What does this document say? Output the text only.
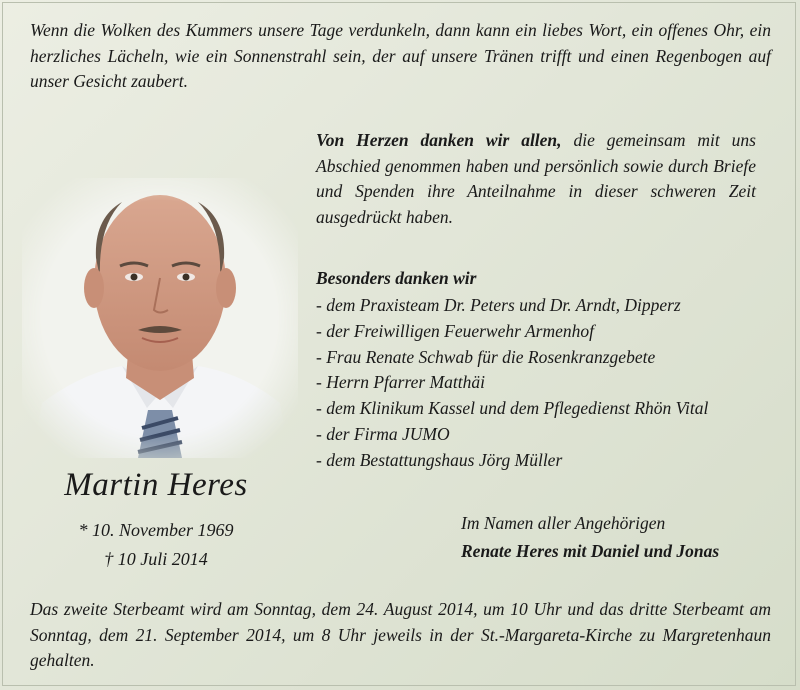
Wenn die Wolken des Kummers unsere Tage verdunkeln, dann kann ein liebes Wort, ein offenes Ohr, ein herzliches Lächeln, wie ein Sonnenstrahl sein, der auf unsere Tränen trifft und einen Regenbogen auf unser Gesicht zaubert.
Von Herzen danken wir allen, die gemeinsam mit uns Abschied genommen haben und persönlich sowie durch Briefe und Spenden ihre Anteilnahme in dieser schweren Zeit ausgedrückt haben.
Besonders danken wir
- dem Praxisteam Dr. Peters und Dr. Arndt, Dipperz
- der Freiwilligen Feuerwehr Armenhof
- Frau Renate Schwab für die Rosenkranzgebete
- Herrn Pfarrer Matthäi
- dem Klinikum Kassel und dem Pflegedienst Rhön Vital
- der Firma JUMO
- dem Bestattungshaus Jörg Müller
Martin Heres
* 10. November 1969
† 10 Juli 2014
Im Namen aller Angehörigen
Renate Heres mit Daniel und Jonas
Das zweite Sterbeamt wird am Sonntag, dem 24. August 2014, um 10 Uhr und das dritte Sterbeamt am Sonntag, dem 21. September 2014, um 8 Uhr jeweils in der St.-Margareta-Kirche zu Margretenhaun gehalten.
